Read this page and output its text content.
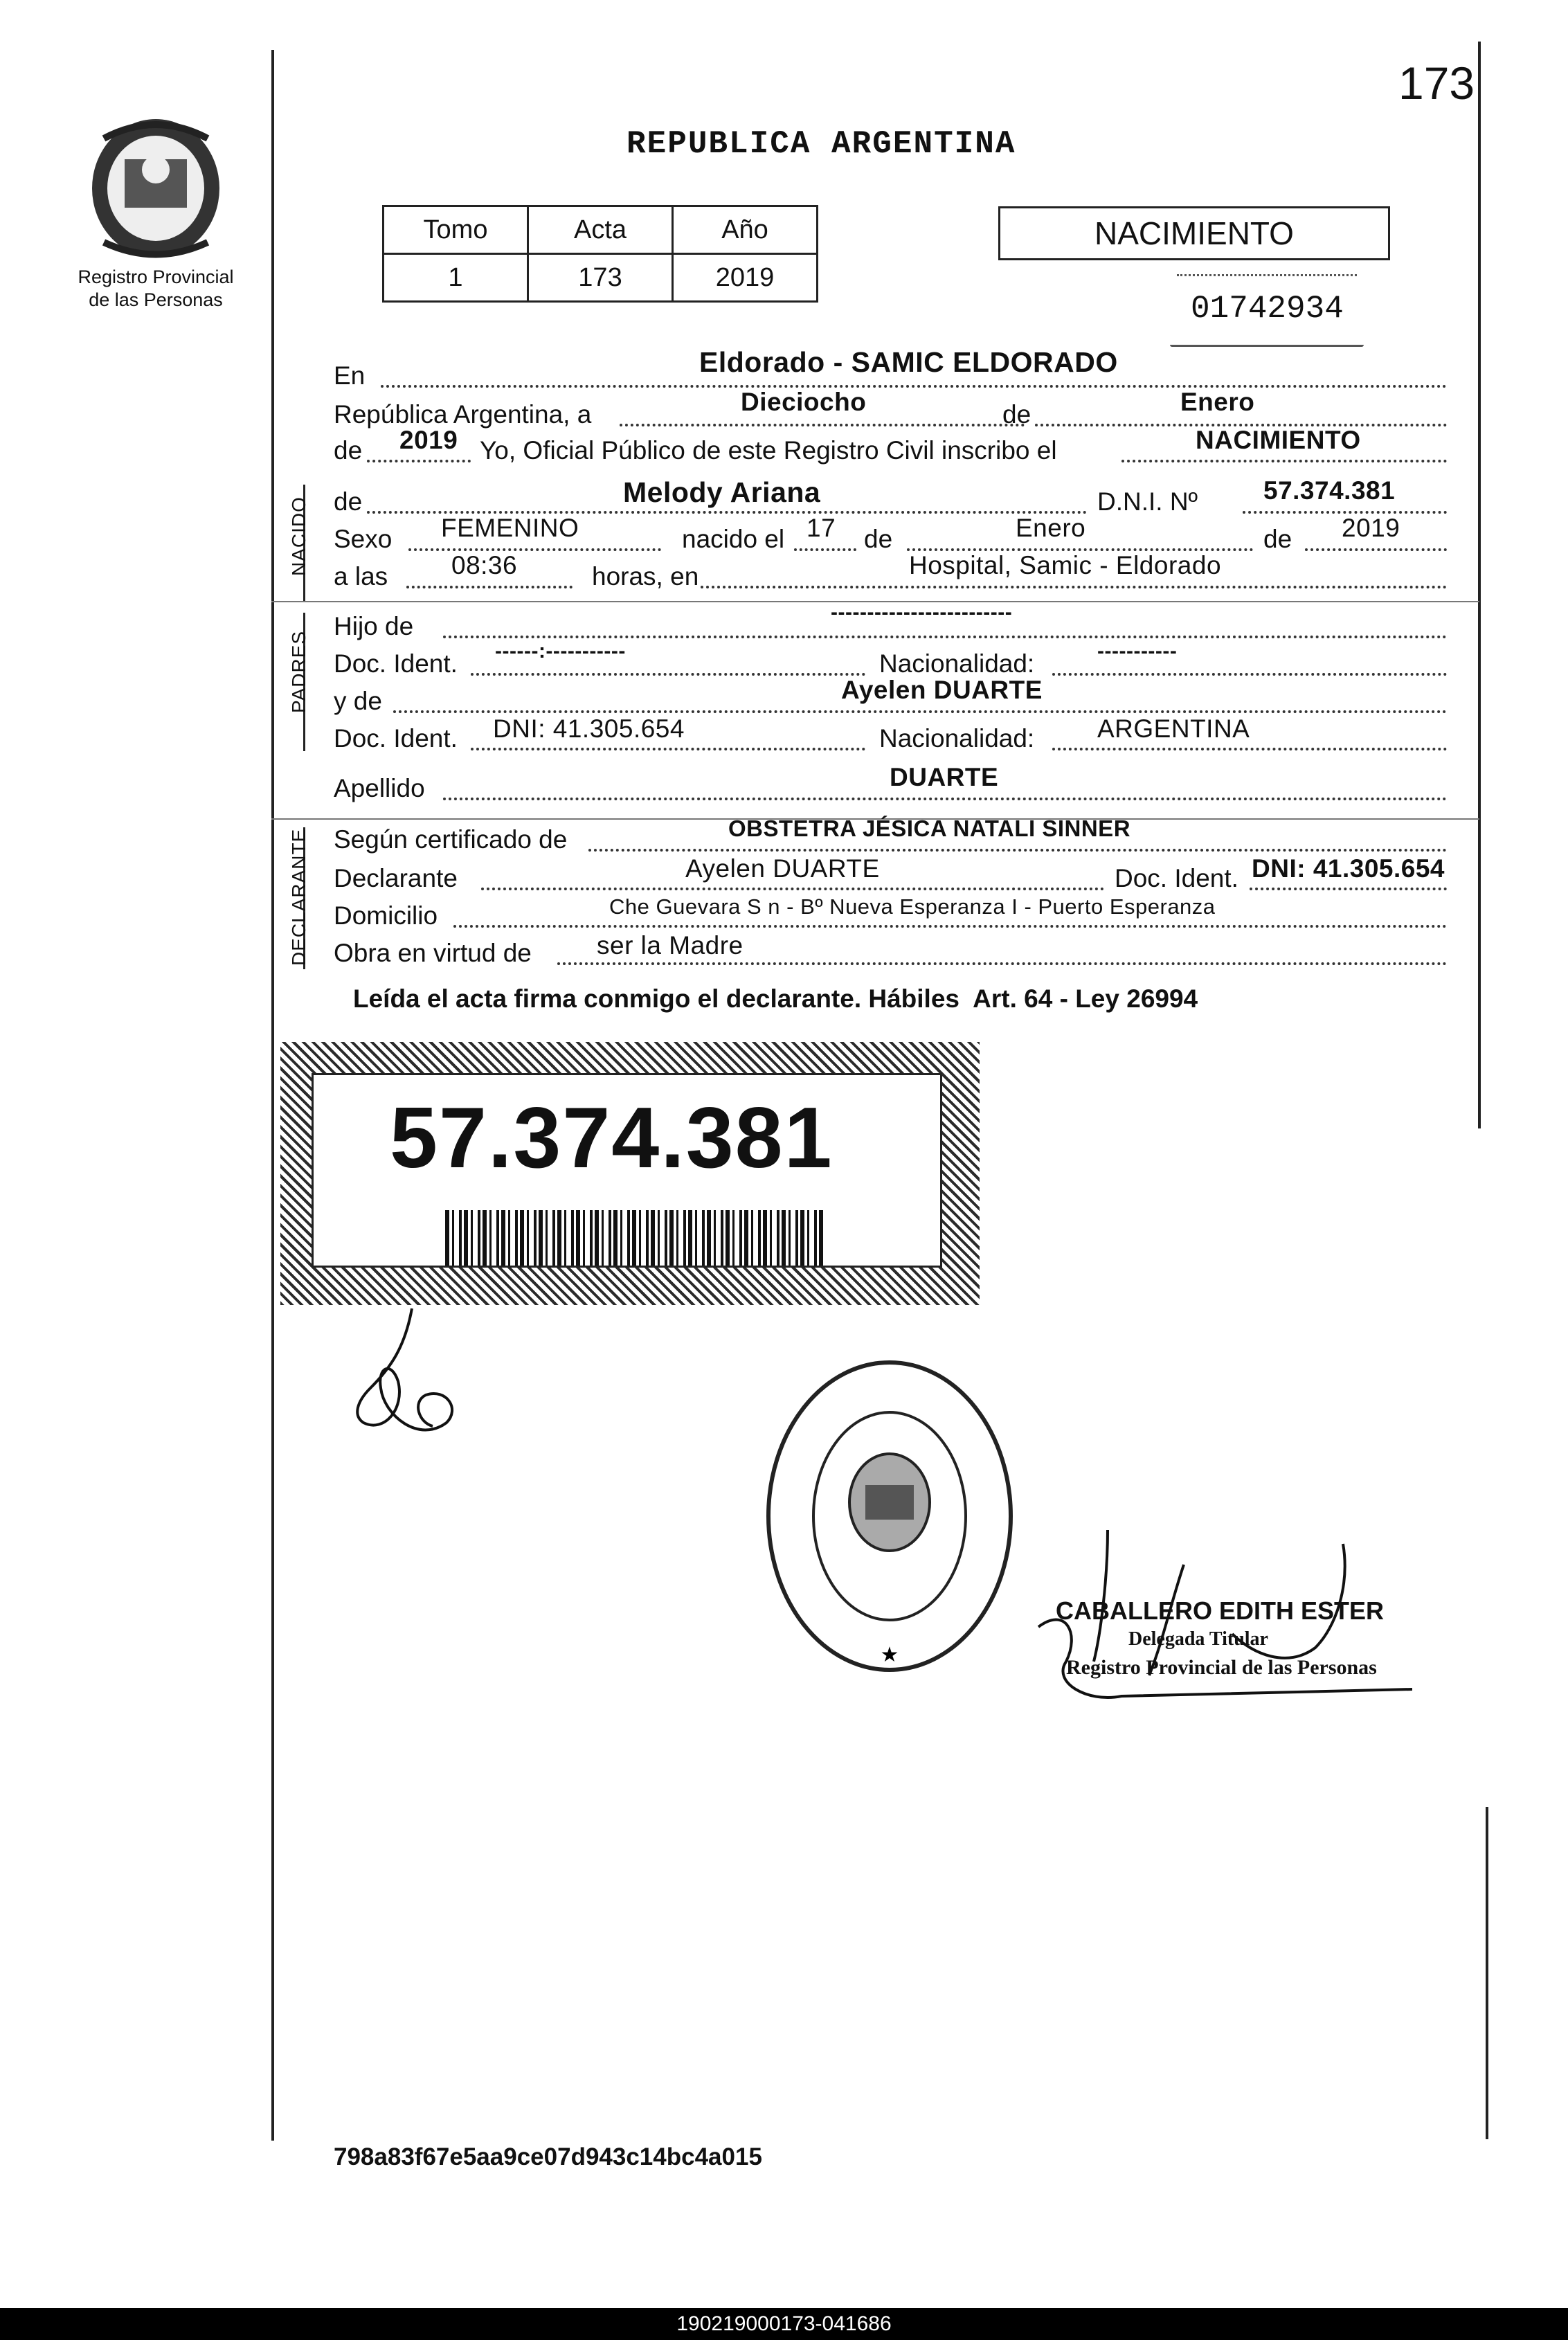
173
Registro Provincial
de las Personas
REPUBLICA ARGENTINA
Tomo	Acta	Año
1	173	2019
NACIMIENTO
01742934
En	Eldorado - SAMIC ELDORADO
República Argentina, a	Dieciocho	de	Enero
de 2019 Yo, Oficial Público de este Registro Civil inscribo el	NACIMIENTO
NACIDO de	Melody Ariana	D.N.I. Nº	57.374.381
Sexo FEMENINO	nacido el 17 de	Enero	de 2019
a las 08:36	horas, en	Hospital, Samic - Eldorado
PADRES
Hijo de	-------------------------
Doc. Ident. ------:-----------	Nacionalidad:	-----------
y de	Ayelen DUARTE
Doc. Ident. DNI: 41.305.654	Nacionalidad: ARGENTINA
Apellido	DUARTE
DECLARANTE Según certificado de	OBSTETRA JÉSICA NATALI SINNER
Declarante	Ayelen DUARTE	Doc. Ident. DNI: 41.305.654
Domicilio	Che Guevara S n - Bº Nueva Esperanza I - Puerto Esperanza
Obra en virtud de	ser la Madre
Leída el acta firma conmigo el declarante. Hábiles  Art. 64 - Ley 26994
57.374.381
★
CABALLERO EDITH ESTER
Delegada Titular
Registro Provincial de las Personas
798a83f67e5aa9ce07d943c14bc4a015
190219000173-041686
